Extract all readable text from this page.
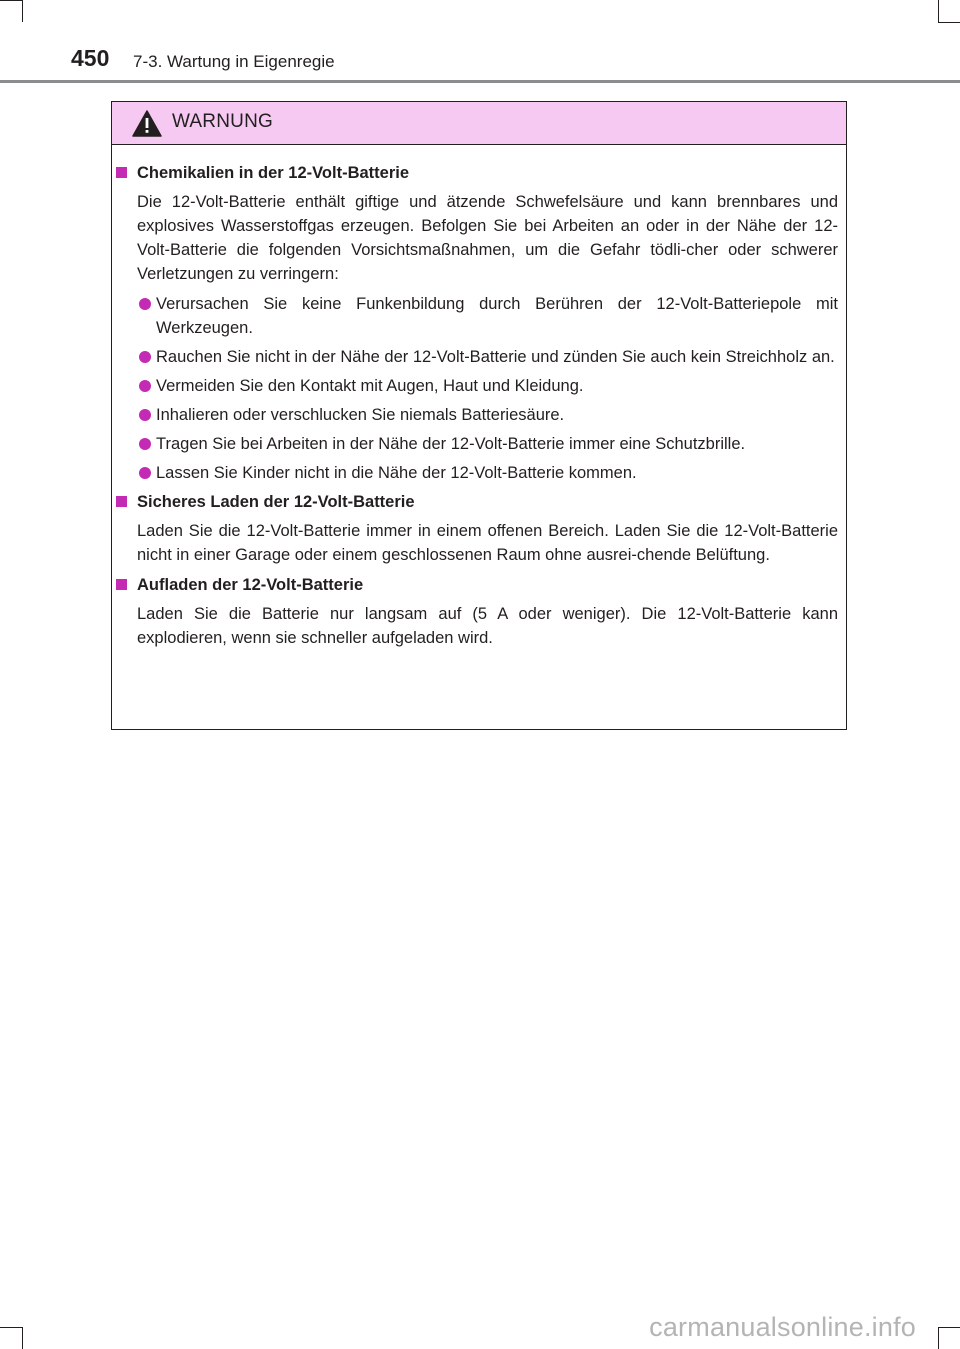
450 7-3. Wartung in Eigenregie
WARNUNG
Chemikalien in der 12-Volt-Batterie

Die 12-Volt-Batterie enthält giftige und ätzende Schwefelsäure und kann brennbares und explosives Wasserstoffgas erzeugen. Befolgen Sie bei Arbeiten an oder in der Nähe der 12-Volt-Batterie die folgenden Vorsichtsmaßnahmen, um die Gefahr tödli-cher oder schwerer Verletzungen zu verringern:

Verursachen Sie keine Funkenbildung durch Berühren der 12-Volt-Batteriepole mit Werkzeugen.
Rauchen Sie nicht in der Nähe der 12-Volt-Batterie und zünden Sie auch kein Streichholz an.
Vermeiden Sie den Kontakt mit Augen, Haut und Kleidung.
Inhalieren oder verschlucken Sie niemals Batteriesäure.
Tragen Sie bei Arbeiten in der Nähe der 12-Volt-Batterie immer eine Schutzbrille.
Lassen Sie Kinder nicht in die Nähe der 12-Volt-Batterie kommen.
Sicheres Laden der 12-Volt-Batterie

Laden Sie die 12-Volt-Batterie immer in einem offenen Bereich. Laden Sie die 12-Volt-Batterie nicht in einer Garage oder einem geschlossenen Raum ohne ausrei-chende Belüftung.

Aufladen der 12-Volt-Batterie

Laden Sie die Batterie nur langsam auf (5 A oder weniger). Die 12-Volt-Batterie kann explodieren, wenn sie schneller aufgeladen wird.

carmanualsonline.info
